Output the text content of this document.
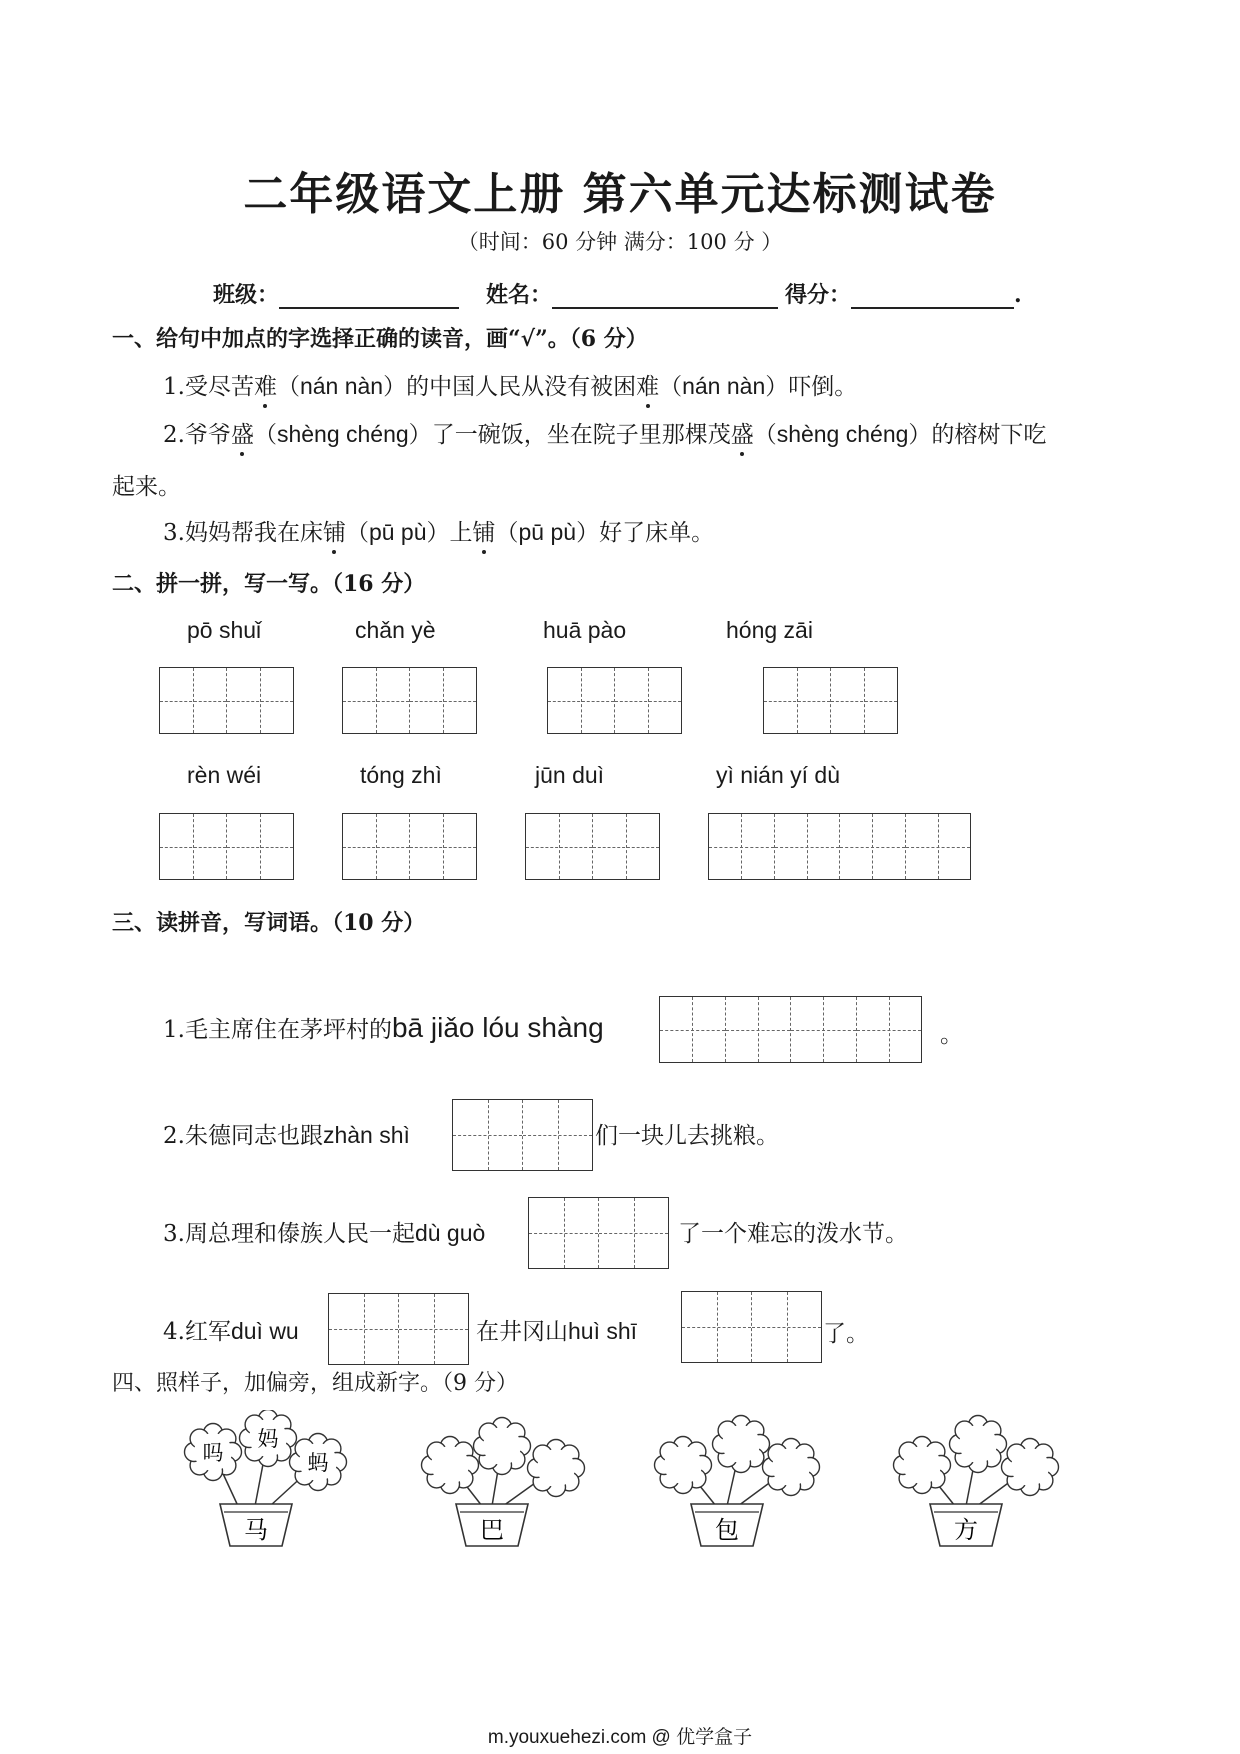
二年级语文上册 第六单元达标测试卷
（时间：60 分钟 满分：100 分 ）
班级：	姓名：	得分：	.
一、给句中加点的字选择正确的读音，画“√”。（6 分）
1.受尽苦难（nán nàn）的中国人民从没有被困难（nán nàn）吓倒。
2.爷爷盛（shèng chéng）了一碗饭，坐在院子里那棵茂盛（shèng chéng）的榕树下吃
起来。
3.妈妈帮我在床铺（pū pù）上铺（pū pù）好了床单。
二、拼一拼，写一写。（16 分）
pō shuǐ	chǎn yè	huā pào	hóng zāi
rèn wéi	tóng zhì	jūn duì	yì nián yí dù
三、读拼音，写词语。（10 分）
1.毛主席住在茅坪村的bā jiǎo lóu shàng	。
2.朱德同志也跟zhàn shì	们一块儿去挑粮。
3.周总理和傣族人民一起dù guò	了一个难忘的泼水节。
4.红军duì wu	在井冈山huì shī	了。
四、照样子，加偏旁，组成新字。（9 分）
吗
妈
蚂
马	巴	包	方
m.youxuehezi.com @ 优学盒子
